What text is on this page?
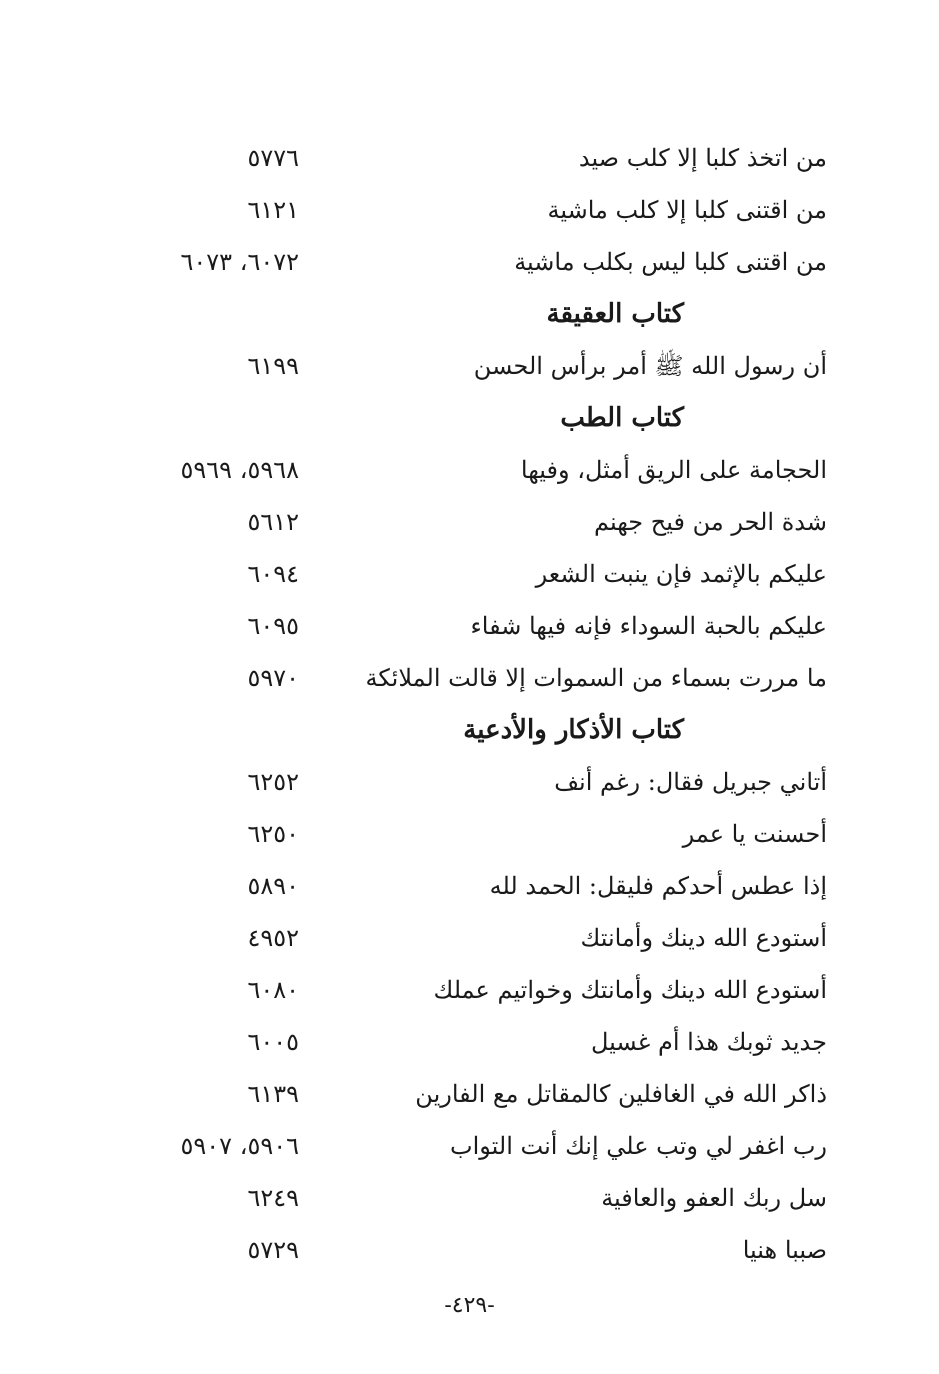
من اتخذ كلبا إلا كلب صيد
٥٧٧٦
من اقتنى كلبا إلا كلب ماشية
٦١٢١
من اقتنى كلبا ليس بكلب ماشية
٦٠٧٢، ٦٠٧٣
كتاب العقيقة
أن رسول الله ﷺ أمر برأس الحسن
٦١٩٩
كتاب الطب
الحجامة على الريق أمثل، وفيها
٥٩٦٨، ٥٩٦٩
شدة الحر من فيح جهنم
٥٦١٢
عليكم بالإثمد فإن ينبت الشعر
٦٠٩٤
عليكم بالحبة السوداء فإنه فيها شفاء
٦٠٩٥
ما مررت بسماء من السموات إلا قالت الملائكة
٥٩٧٠
كتاب الأذكار والأدعية
أتاني جبريل فقال: رغم أنف
٦٢٥٢
أحسنت يا عمر
٦٢٥٠
إذا عطس أحدكم فليقل: الحمد لله
٥٨٩٠
أستودع الله دينك وأمانتك
٤٩٥٢
أستودع الله دينك وأمانتك وخواتيم عملك
٦٠٨٠
جديد ثوبك هذا أم غسيل
٦٠٠٥
ذاكر الله في الغافلين كالمقاتل مع الفارين
٦١٣٩
رب اغفر لي وتب علي إنك أنت التواب
٥٩٠٦، ٥٩٠٧
سل ربك العفو والعافية
٦٢٤٩
صببا هنيا
٥٧٢٩
-٤٢٩-
